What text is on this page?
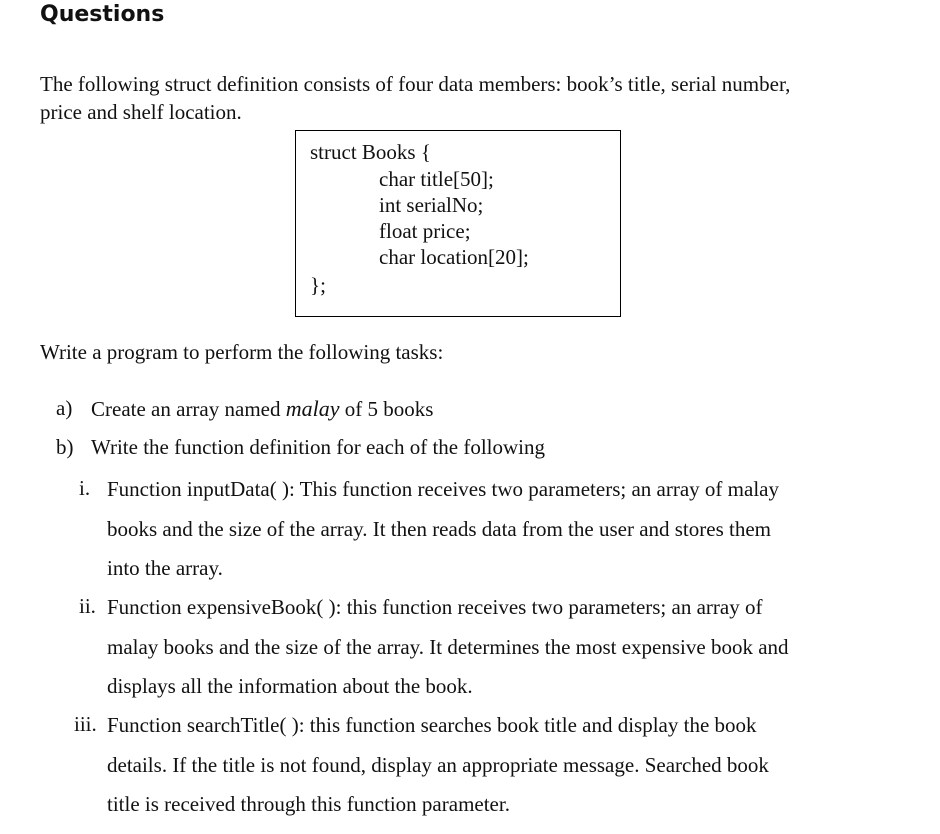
Questions
The following struct definition consists of four data members: book’s title, serial number,
price and shelf location.
struct Books {
char title[50];
int serialNo;
float price;
char location[20];
};
Write a program to perform the following tasks:
a) Create an array named malay of 5 books
b) Write the function definition for each of the following
i. Function inputData( ): This function receives two parameters; an array of malay
books and the size of the array. It then reads data from the user and stores them
into the array.
ii. Function expensiveBook( ): this function receives two parameters; an array of
malay books and the size of the array. It determines the most expensive book and
displays all the information about the book.
iii. Function searchTitle( ): this function searches book title and display the book
details. If the title is not found, display an appropriate message. Searched book
title is received through this function parameter.
